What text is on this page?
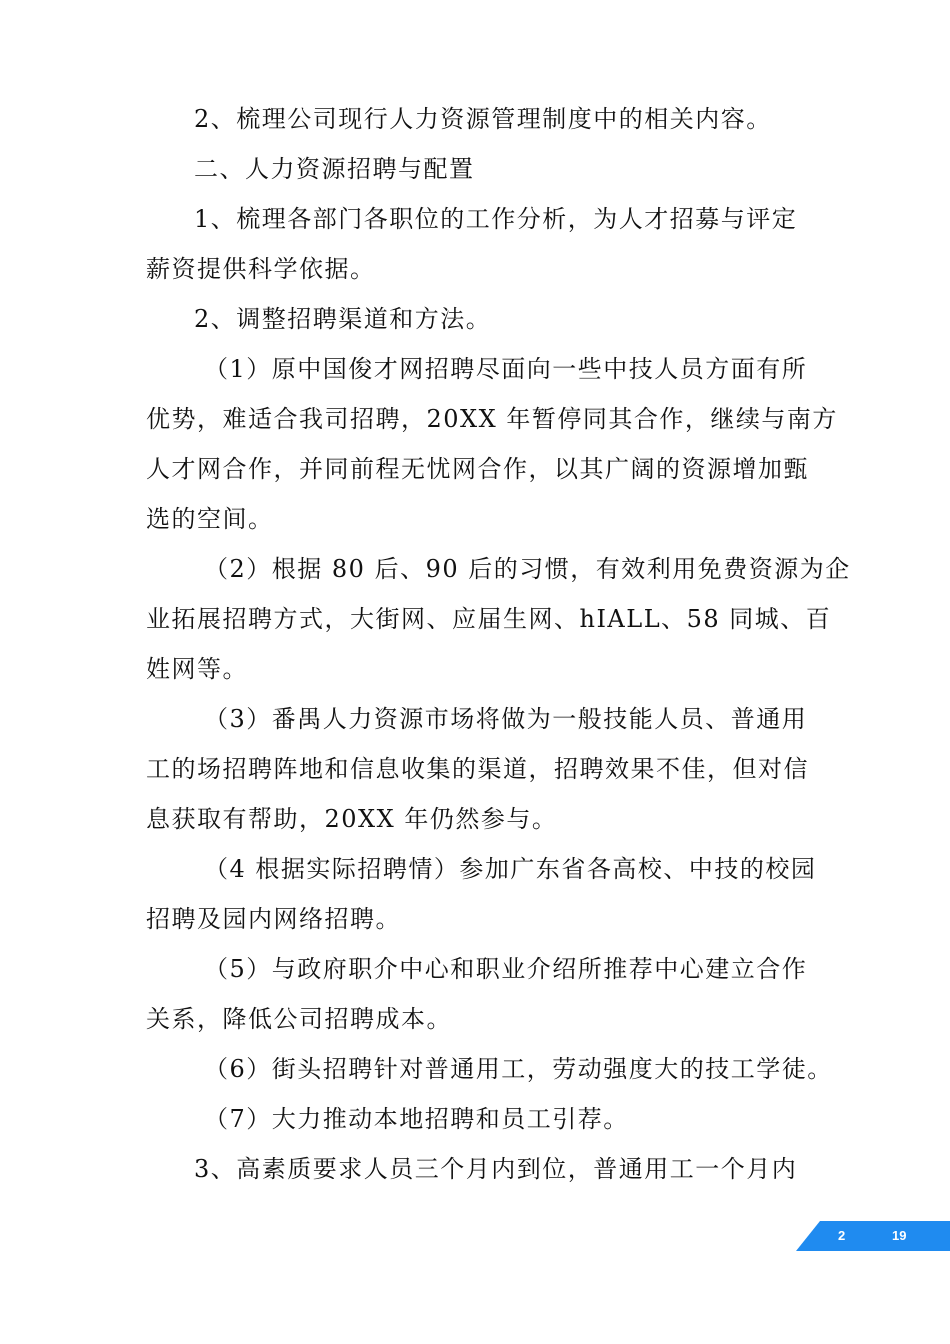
2、梳理公司现行人力资源管理制度中的相关内容。
二、人力资源招聘与配置
1、梳理各部门各职位的工作分析，为人才招募与评定
薪资提供科学依据。
2、调整招聘渠道和方法。
（1）原中国俊才网招聘尽面向一些中技人员方面有所
优势，难适合我司招聘，20XX 年暂停同其合作，继续与南方
人才网合作，并同前程无忧网合作，以其广阔的资源增加甄
选的空间。
（2）根据 80 后、90 后的习惯，有效利用免费资源为企
业拓展招聘方式，大街网、应届生网、hIALL、58 同城、百
姓网等。
（3）番禺人力资源市场将做为一般技能人员、普通用
工的场招聘阵地和信息收集的渠道，招聘效果不佳，但对信
息获取有帮助，20XX 年仍然参与。
（4 根据实际招聘情）参加广东省各高校、中技的校园
招聘及园内网络招聘。
（5）与政府职介中心和职业介绍所推荐中心建立合作
关系，降低公司招聘成本。
（6）街头招聘针对普通用工，劳动强度大的技工学徒。
（7）大力推动本地招聘和员工引荐。
3、高素质要求人员三个月内到位，普通用工一个月内
2	19
